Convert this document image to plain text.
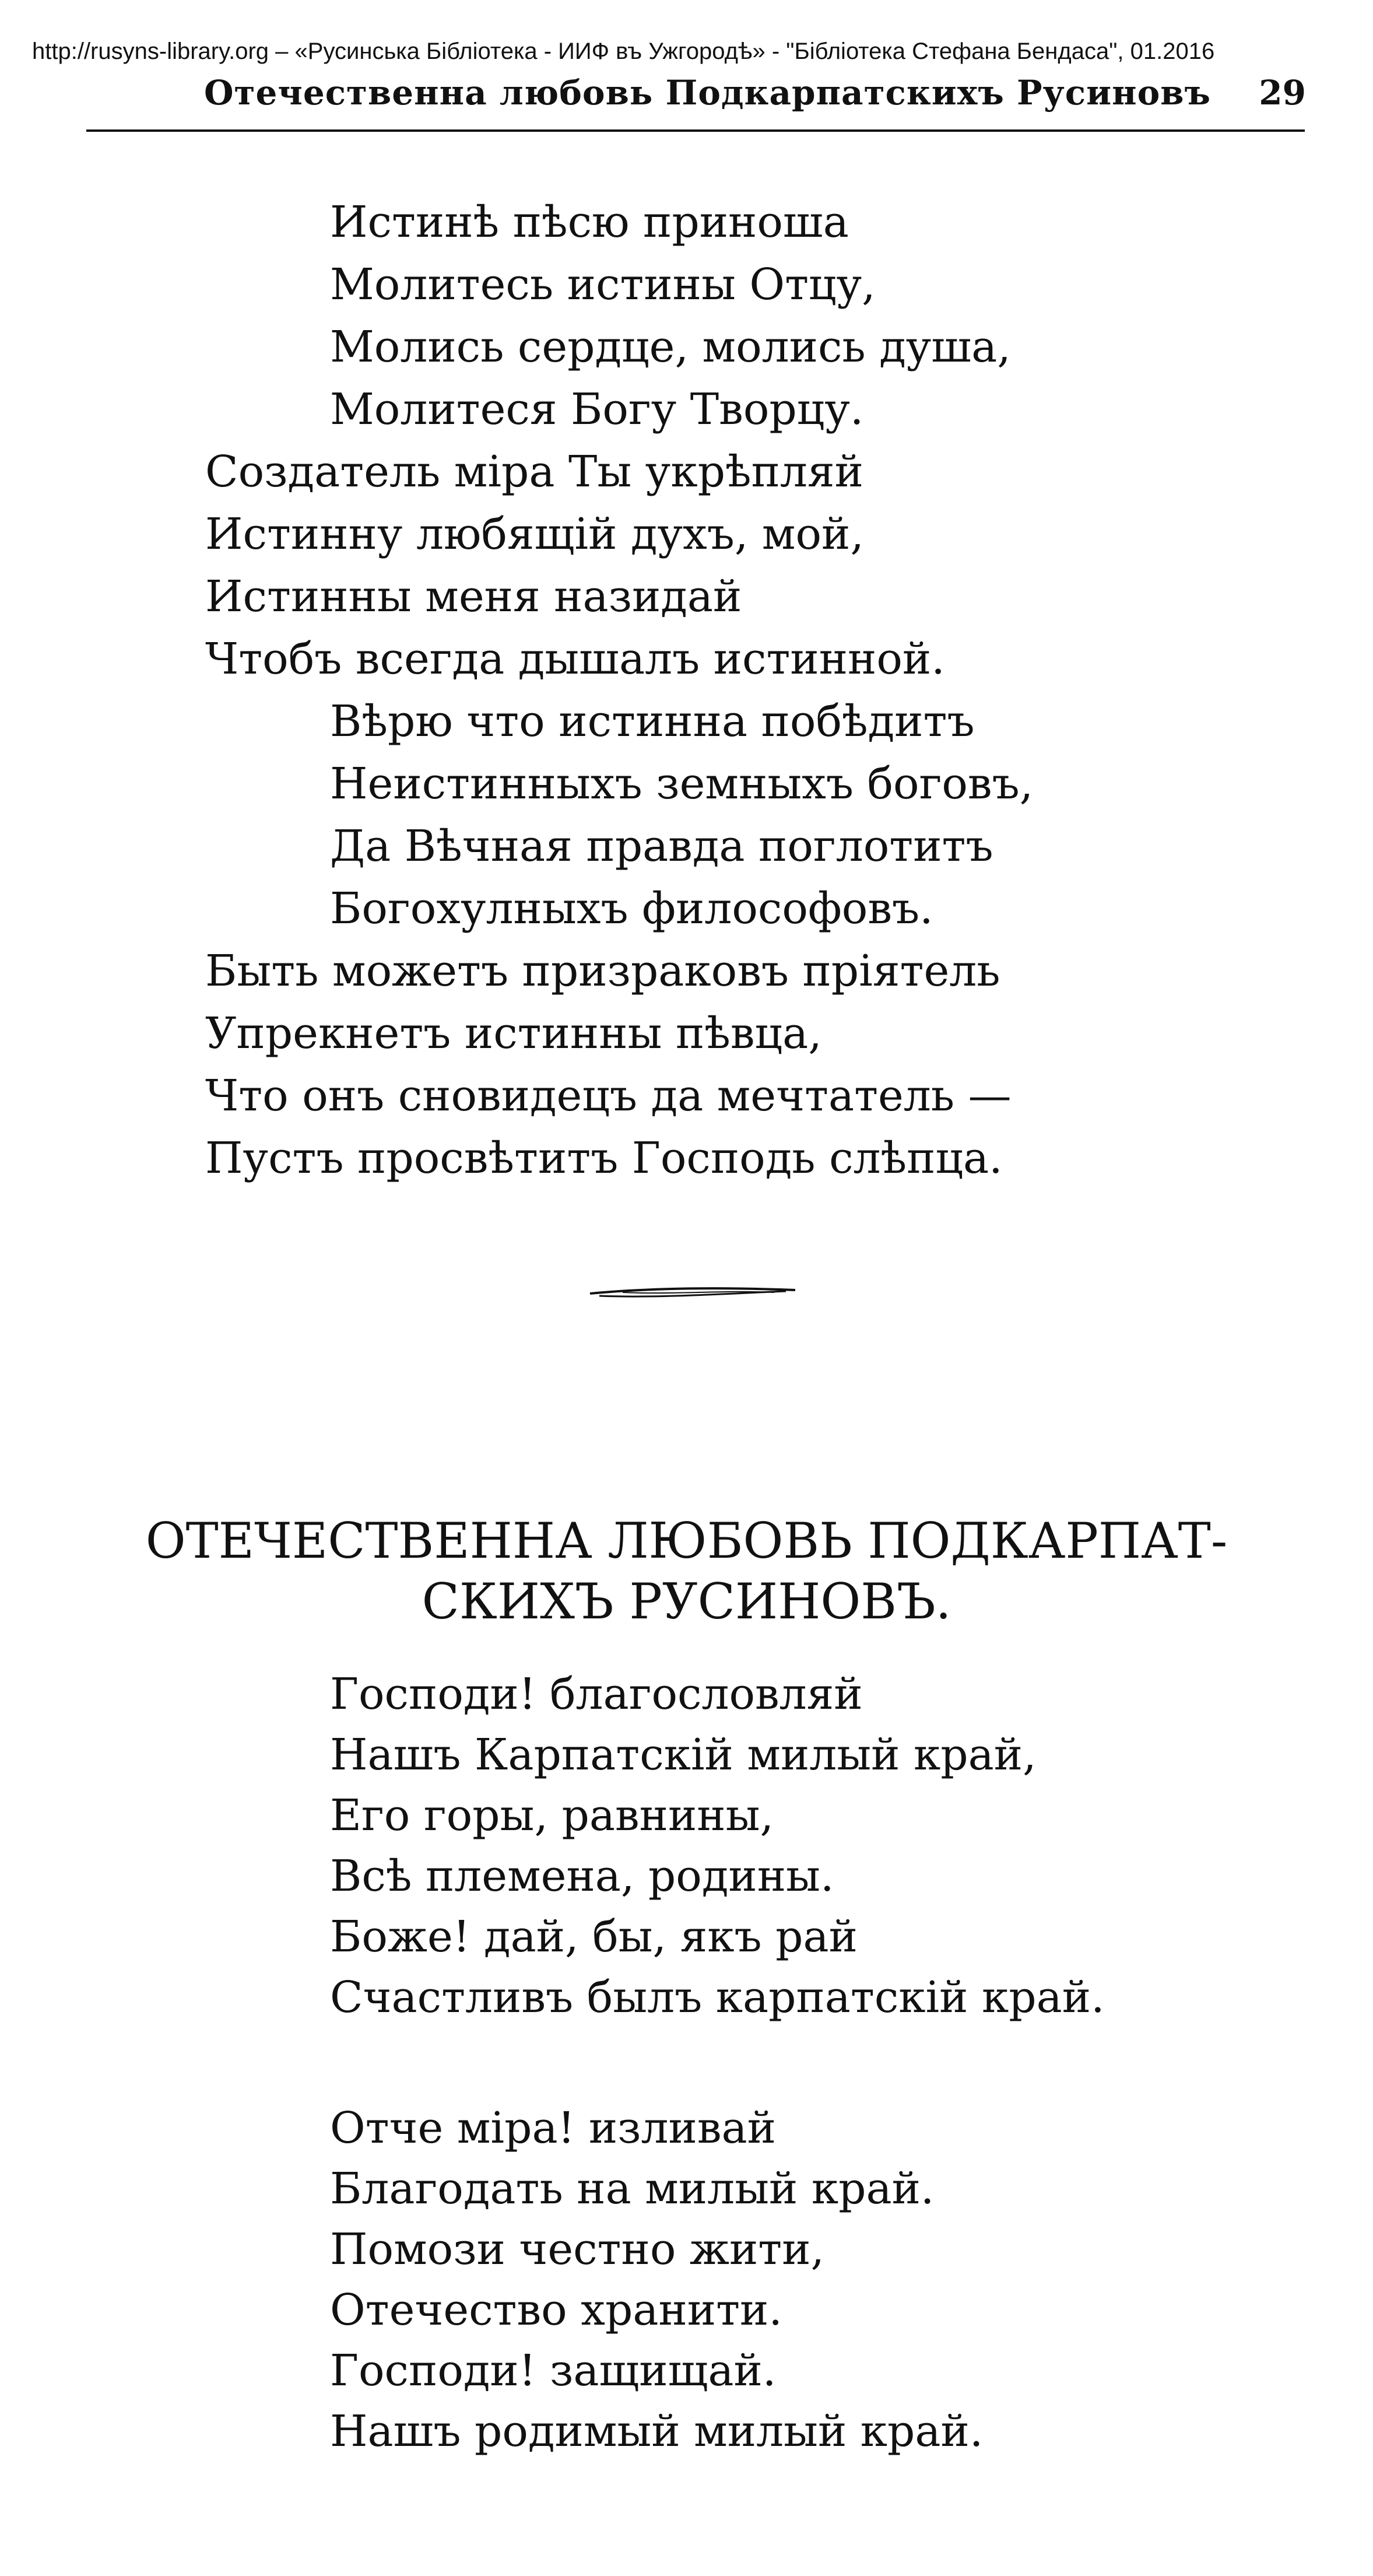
http://rusyns-library.org – «Русинська Бібліотека - ИИФ въ Ужгородѣ» - "Бібліотека Стефана Бендаса", 01.2016
Отечественна любовь Подкарпатскихъ Русиновъ 29
Истинѣ пѣсю приноша
Молитесь истины Отцу,
Молись сердце, молись душа,
Молитеся Богу Творцу.
Создатель міра Ты укрѣпляй
Истинну любящій духъ, мой,
Истинны меня назидай
Чтобъ всегда дышалъ истинной.
Вѣрю что истинна побѣдитъ
Неистинныхъ земныхъ боговъ,
Да Вѣчная правда поглотитъ
Богохулныхъ философовъ.
Быть можетъ призраковъ пріятель
Упрекнетъ истинны пѣвца,
Что онъ сновидецъ да мечтатель —
Пустъ просвѣтитъ Господь слѣпца.
ОТЕЧЕСТВЕННА ЛЮБОВЬ ПОДКАРПАТ-
СКИХЪ РУСИНОВЪ.
Господи! благословляй
Нашъ Карпатскій милый край,
Его горы, равнины,
Всѣ племена, родины.
Боже! дай, бы, якъ рай
Счастливъ былъ карпатскій край.
Отче міра! изливай
Благодать на милый край.
Помози честно жити,
Отечество хранити.
Господи! защищай.
Нашъ родимый милый край.
